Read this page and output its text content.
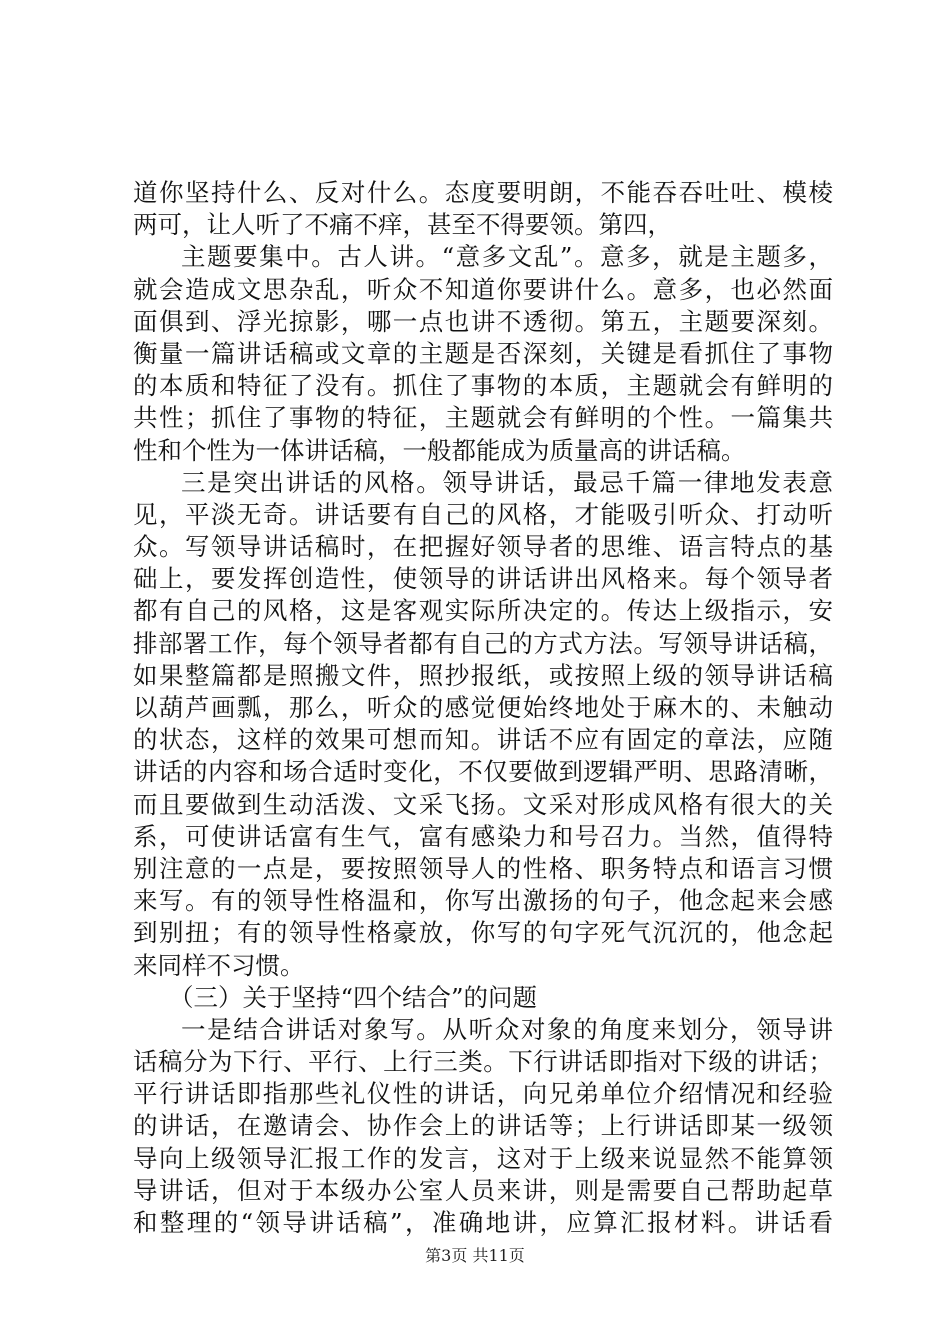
道你坚持什么、反对什么。态度要明朗，不能吞吞吐吐、模棱
两可，让人听了不痛不痒，甚至不得要领。第四，
主题要集中。古人讲。“意多文乱”。意多，就是主题多，
就会造成文思杂乱，听众不知道你要讲什么。意多，也必然面
面俱到、浮光掠影，哪一点也讲不透彻。第五，主题要深刻。
衡量一篇讲话稿或文章的主题是否深刻，关键是看抓住了事物
的本质和特征了没有。抓住了事物的本质，主题就会有鲜明的
共性；抓住了事物的特征，主题就会有鲜明的个性。一篇集共
性和个性为一体讲话稿，一般都能成为质量高的讲话稿。
三是突出讲话的风格。领导讲话，最忌千篇一律地发表意
见，平淡无奇。讲话要有自己的风格，才能吸引听众、打动听
众。写领导讲话稿时，在把握好领导者的思维、语言特点的基
础上，要发挥创造性，使领导的讲话讲出风格来。每个领导者
都有自己的风格，这是客观实际所决定的。传达上级指示，安
排部署工作，每个领导者都有自己的方式方法。写领导讲话稿，
如果整篇都是照搬文件，照抄报纸，或按照上级的领导讲话稿
以葫芦画瓢，那么，听众的感觉便始终地处于麻木的、未触动
的状态，这样的效果可想而知。讲话不应有固定的章法，应随
讲话的内容和场合适时变化，不仅要做到逻辑严明、思路清晰，
而且要做到生动活泼、文采飞扬。文采对形成风格有很大的关
系，可使讲话富有生气，富有感染力和号召力。当然，值得特
别注意的一点是，要按照领导人的性格、职务特点和语言习惯
来写。有的领导性格温和，你写出激扬的句子，他念起来会感
到别扭；有的领导性格豪放，你写的句字死气沉沉的，他念起
来同样不习惯。
（三）关于坚持“四个结合”的问题
一是结合讲话对象写。从听众对象的角度来划分，领导讲
话稿分为下行、平行、上行三类。下行讲话即指对下级的讲话；
平行讲话即指那些礼仪性的讲话，向兄弟单位介绍情况和经验
的讲话，在邀请会、协作会上的讲话等；上行讲话即某一级领
导向上级领导汇报工作的发言，这对于上级来说显然不能算领
导讲话，但对于本级办公室人员来讲，则是需要自己帮助起草
和整理的“领导讲话稿”，准确地讲，应算汇报材料。讲话看
第3页 共11页
